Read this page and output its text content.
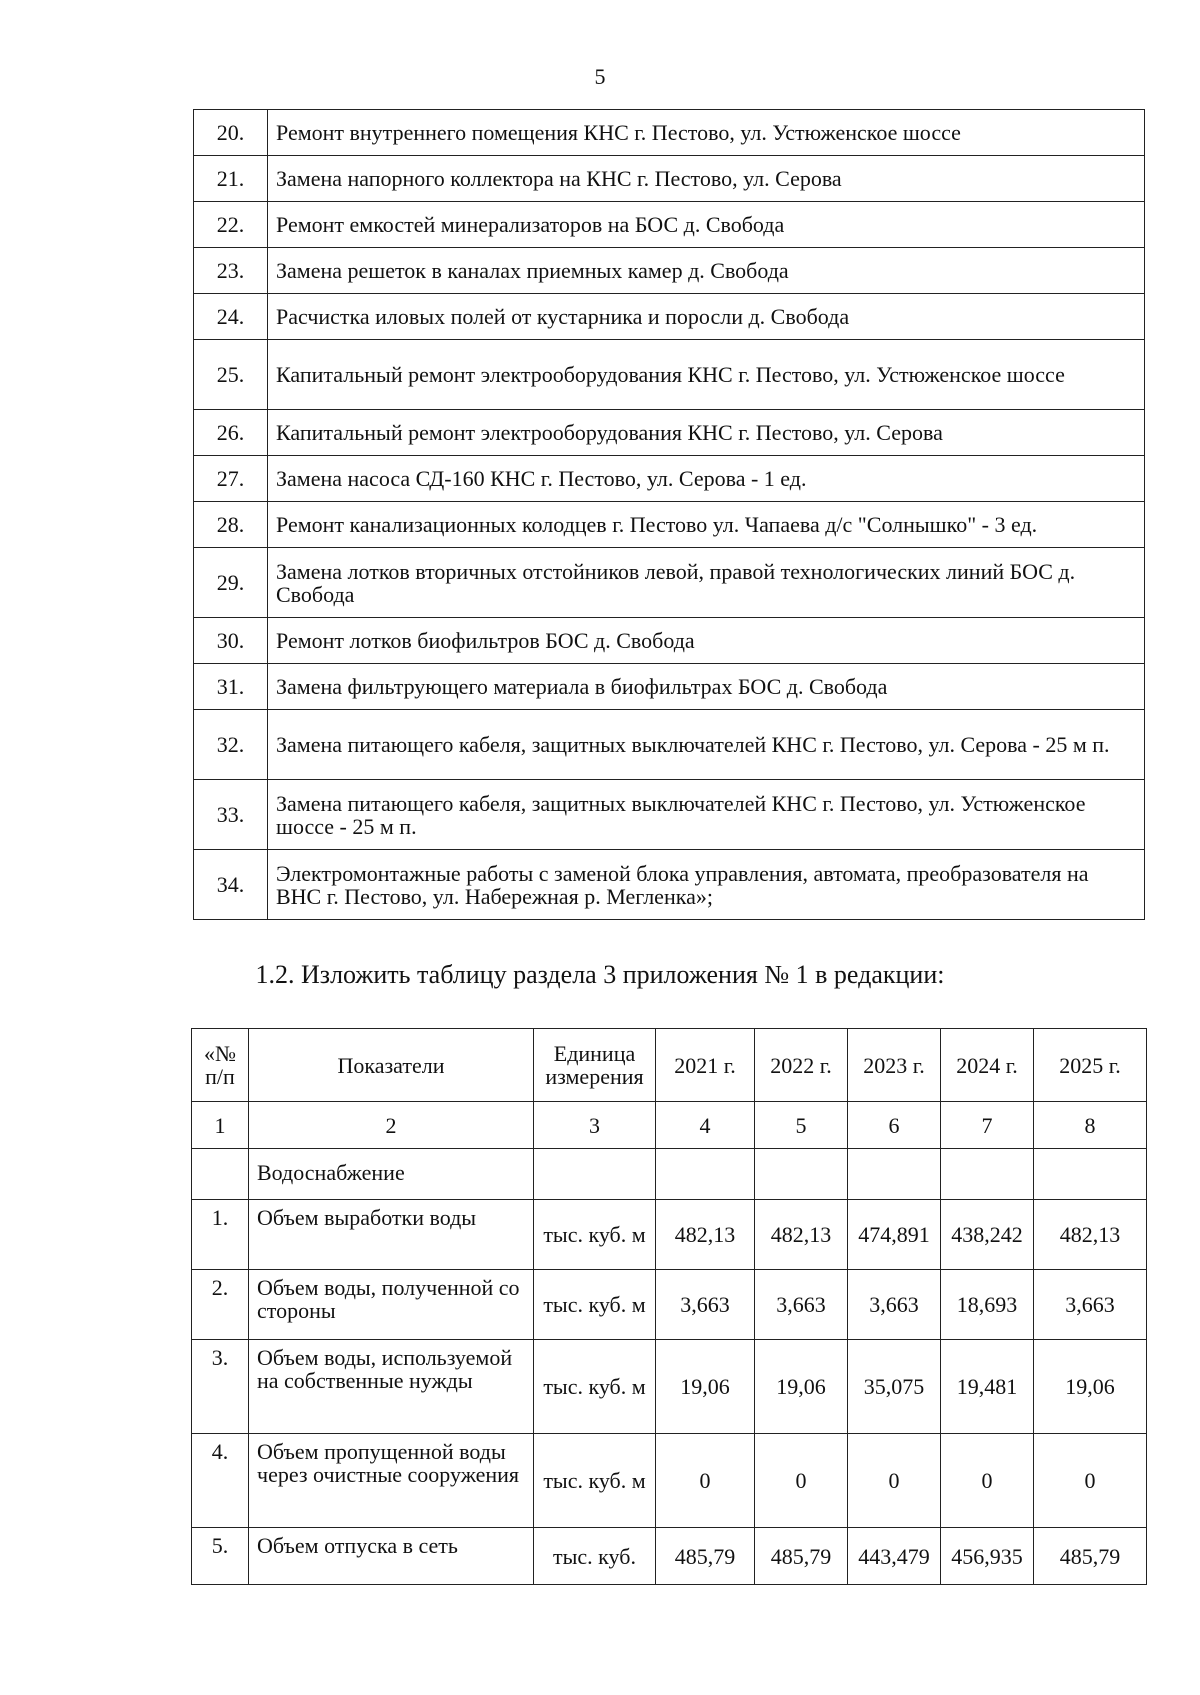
5
20.	Ремонт внутреннего помещения КНС г. Пестово, ул. Устюженское шоссе
21.	Замена напорного коллектора на КНС г. Пестово, ул. Серова
22.	Ремонт емкостей минерализаторов на БОС д. Свобода
23.	Замена решеток в каналах приемных камер д. Свобода
24.	Расчистка иловых полей от кустарника и поросли д. Свобода
25.	Капитальный ремонт электрооборудования КНС г. Пестово, ул. Устюженское шоссе
26.	Капитальный ремонт электрооборудования КНС г. Пестово, ул. Серова
27.	Замена насоса СД-160 КНС г. Пестово, ул. Серова - 1 ед.
28.	Ремонт канализационных колодцев г. Пестово ул. Чапаева д/с "Солнышко" - 3 ед.
29.	Замена лотков вторичных отстойников левой, правой технологических линий БОС д. Свобода
30.	Ремонт лотков биофильтров БОС д. Свобода
31.	Замена фильтрующего материала в биофильтрах БОС д. Свобода
32.	Замена питающего кабеля, защитных выключателей КНС г. Пестово, ул. Серова - 25 м п.
33.	Замена питающего кабеля, защитных выключателей КНС г. Пестово, ул. Устюженское шоссе - 25 м п.
34.	Электромонтажные работы с заменой блока управления, автомата, преобразователя на ВНС г. Пестово, ул. Набережная р. Мегленка»;
1.2. Изложить таблицу раздела 3 приложения № 1 в редакции:
«№ п/п	Показатели	Единица измерения	2021 г.	2022 г.	2023 г.	2024 г.	2025 г.
1	2	3	4	5	6	7	8
	Водоснабжение						
1.	Объем выработки воды	тыс. куб. м	482,13	482,13	474,891	438,242	482,13
2.	Объем воды, полученной со стороны	тыс. куб. м	3,663	3,663	3,663	18,693	3,663
3.	Объем воды, используемой на собственные нужды	тыс. куб. м	19,06	19,06	35,075	19,481	19,06
4.	Объем пропущенной воды через очистные сооружения	тыс. куб. м	0	0	0	0	0
5.	Объем отпуска в сеть	тыс. куб.	485,79	485,79	443,479	456,935	485,79
